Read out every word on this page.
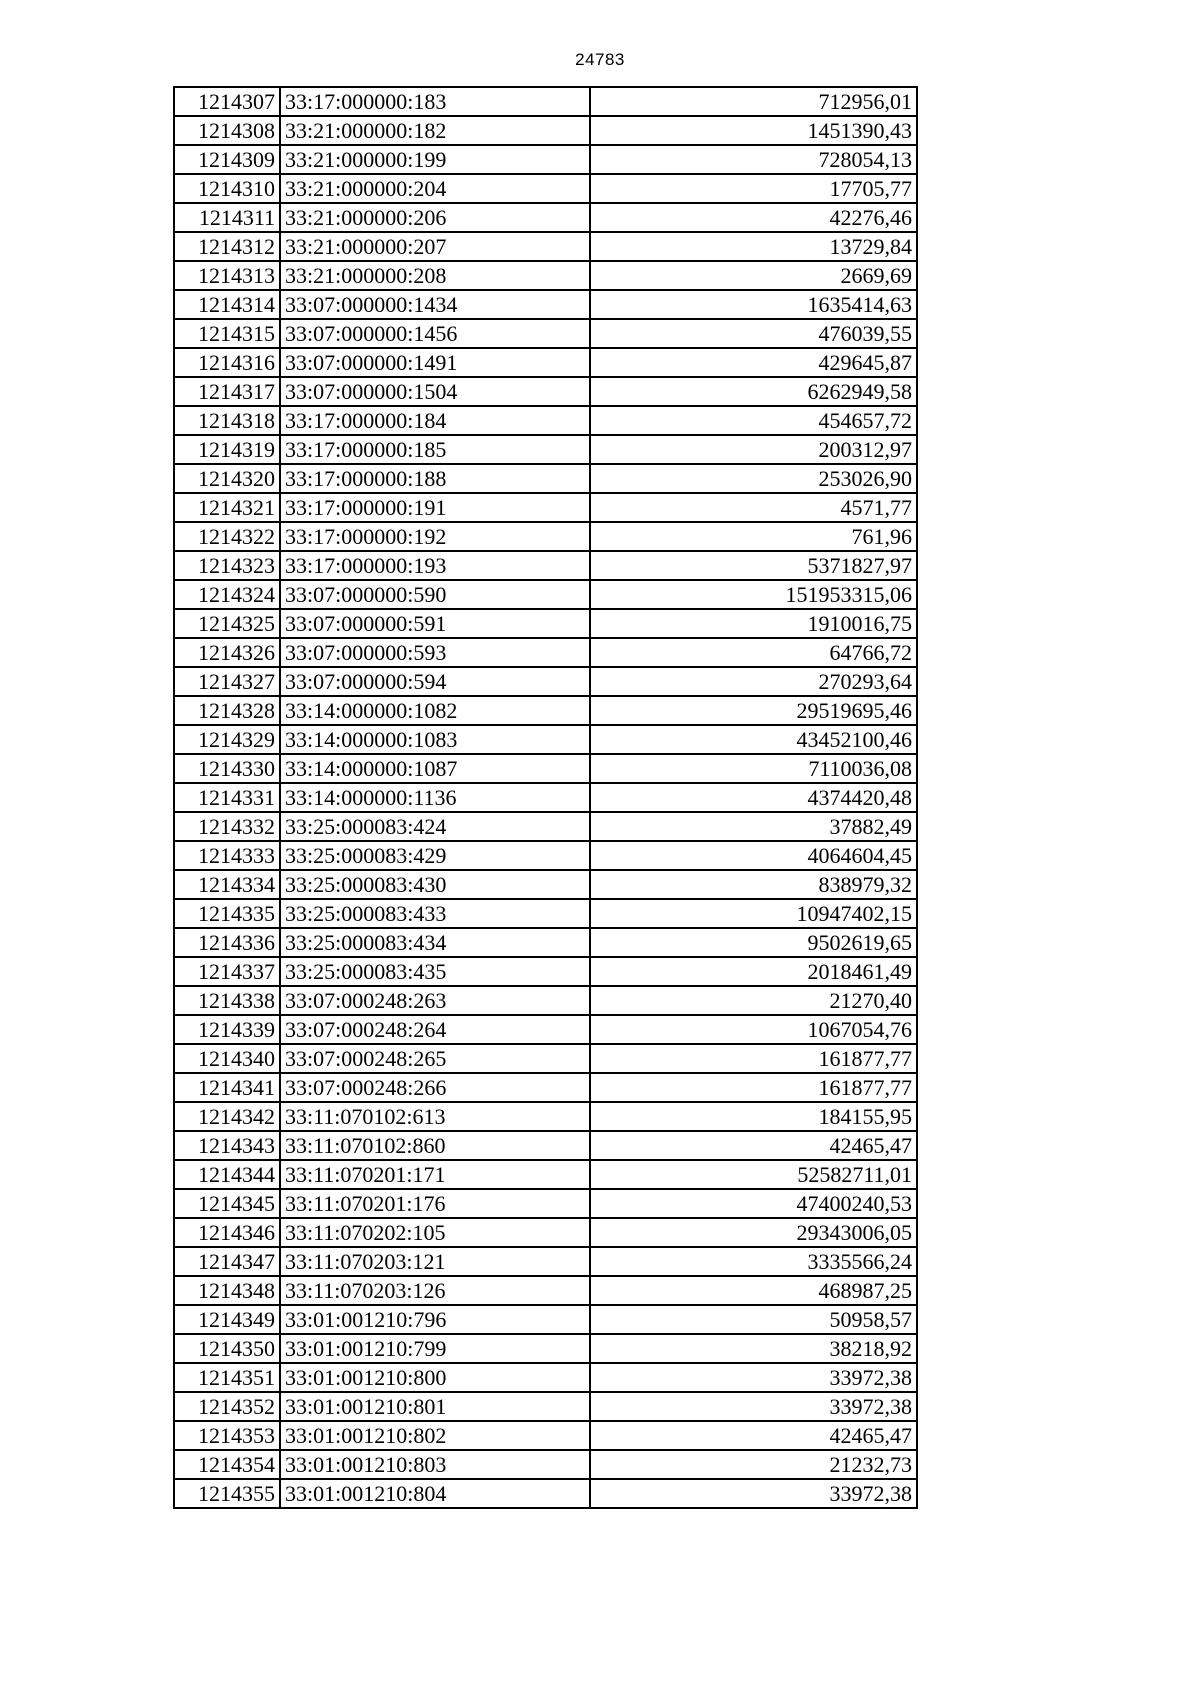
24783
1214307	33:17:000000:183	712956,01
1214308	33:21:000000:182	1451390,43
1214309	33:21:000000:199	728054,13
1214310	33:21:000000:204	17705,77
1214311	33:21:000000:206	42276,46
1214312	33:21:000000:207	13729,84
1214313	33:21:000000:208	2669,69
1214314	33:07:000000:1434	1635414,63
1214315	33:07:000000:1456	476039,55
1214316	33:07:000000:1491	429645,87
1214317	33:07:000000:1504	6262949,58
1214318	33:17:000000:184	454657,72
1214319	33:17:000000:185	200312,97
1214320	33:17:000000:188	253026,90
1214321	33:17:000000:191	4571,77
1214322	33:17:000000:192	761,96
1214323	33:17:000000:193	5371827,97
1214324	33:07:000000:590	151953315,06
1214325	33:07:000000:591	1910016,75
1214326	33:07:000000:593	64766,72
1214327	33:07:000000:594	270293,64
1214328	33:14:000000:1082	29519695,46
1214329	33:14:000000:1083	43452100,46
1214330	33:14:000000:1087	7110036,08
1214331	33:14:000000:1136	4374420,48
1214332	33:25:000083:424	37882,49
1214333	33:25:000083:429	4064604,45
1214334	33:25:000083:430	838979,32
1214335	33:25:000083:433	10947402,15
1214336	33:25:000083:434	9502619,65
1214337	33:25:000083:435	2018461,49
1214338	33:07:000248:263	21270,40
1214339	33:07:000248:264	1067054,76
1214340	33:07:000248:265	161877,77
1214341	33:07:000248:266	161877,77
1214342	33:11:070102:613	184155,95
1214343	33:11:070102:860	42465,47
1214344	33:11:070201:171	52582711,01
1214345	33:11:070201:176	47400240,53
1214346	33:11:070202:105	29343006,05
1214347	33:11:070203:121	3335566,24
1214348	33:11:070203:126	468987,25
1214349	33:01:001210:796	50958,57
1214350	33:01:001210:799	38218,92
1214351	33:01:001210:800	33972,38
1214352	33:01:001210:801	33972,38
1214353	33:01:001210:802	42465,47
1214354	33:01:001210:803	21232,73
1214355	33:01:001210:804	33972,38
